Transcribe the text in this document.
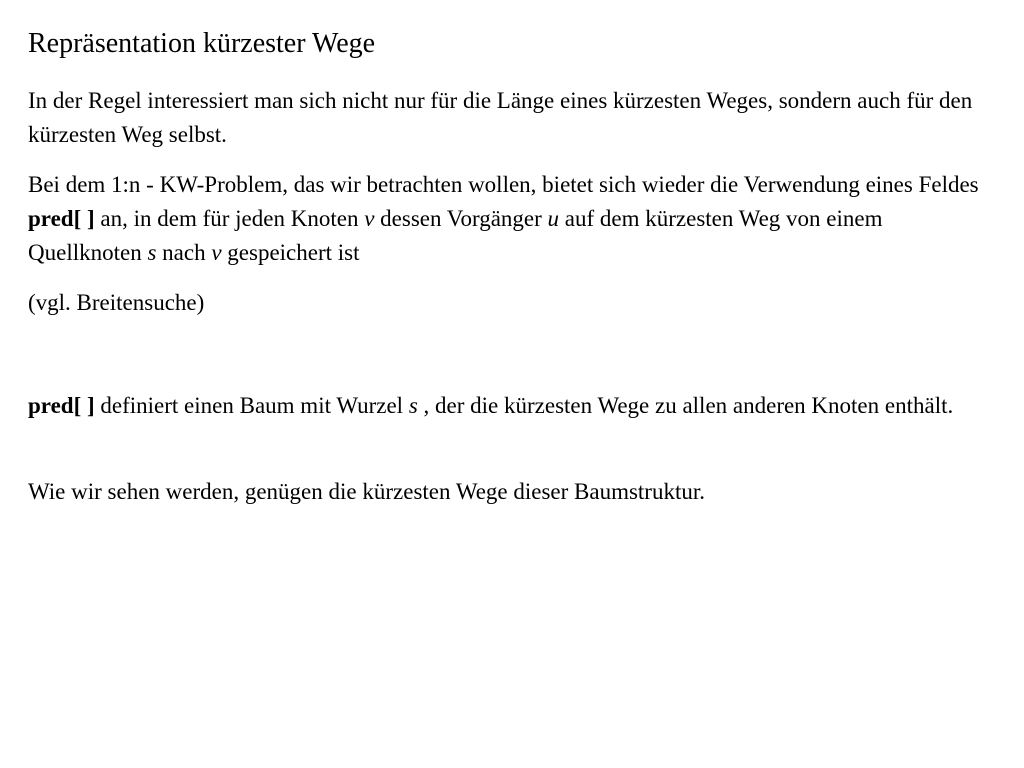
Repräsentation kürzester Wege

In der Regel interessiert man sich nicht nur für die Länge eines kürzesten Weges, sondern auch für den kürzesten Weg selbst.

Bei dem 1:n - KW-Problem, das wir betrachten wollen, bietet sich wieder die Verwendung eines Feldes pred[ ] an, in dem für jeden Knoten v dessen Vorgänger u auf dem kürzesten Weg von einem Quellknoten s nach v gespeichert ist

(vgl. Breitensuche)

pred[ ] definiert einen Baum mit Wurzel s , der die kürzesten Wege zu allen anderen Knoten enthält.

Wie wir sehen werden, genügen die kürzesten Wege dieser Baumstruktur.
